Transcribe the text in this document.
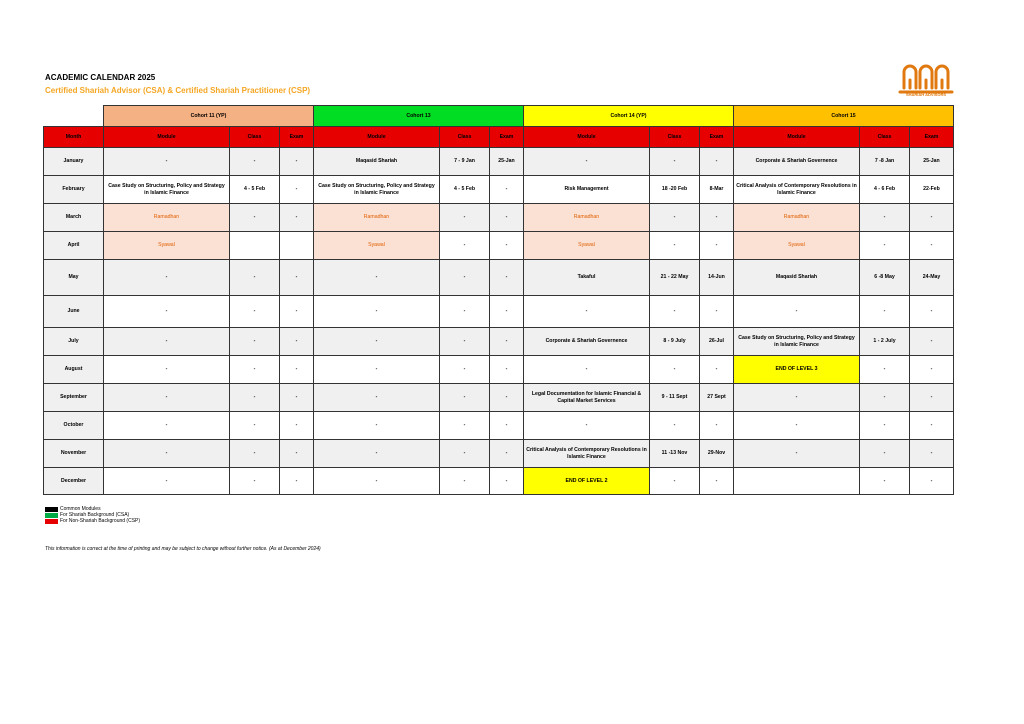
ACADEMIC CALENDAR 2025
Certified Shariah Advisor (CSA) & Certified Shariah Practitioner (CSP)	SHARIAH ADVISORS
	Cohort 11 (YP)			Cohort 13			Cohort 14 (YP)			Cohort 15		
Month	Module	Class	Exam	Module	Class	Exam	Module	Class	Exam	Module	Class	Exam
January	-	-	-	Maqasid Shariah	7 - 9 Jan	25-Jan	-	-	-	Corporate & Shariah Governence	7 -8 Jan	25-Jan
February	Case Study on Structuring, Policy and Strategy in Islamic Finance	4 - 5 Feb	-	Case Study on Structuring, Policy and Strategy in Islamic Finance	4 - 5 Feb	-	Risk Management	18 -20 Feb	8-Mar	Critical Analysis of Contemporary Resolutions in Islamic Finance	4 - 6 Feb	22-Feb
March	Ramadhan	-	-	Ramadhan	-	-	Ramadhan	-	-	Ramadhan	-	-
April	Syawal			Syawal	-	-	Syawal	-	-	Syawal	-	-
May	-	-	-	-	-	-	Takaful	21 - 22 May	14-Jun	Maqasid Shariah	6 -8 May	24-May
June	-	-	-	-	-	-	-	-	-	-	-	-
July	-	-	-	-	-	-	Corporate & Shariah Governence	8 - 9 July	26-Jul	Case Study on Structuring, Policy and Strategy in Islamic Finance	1 - 2 July	-
August	-	-	-	-	-	-	-	-	-	END OF LEVEL 3	-	-
September	-	-	-	-	-	-	Legal Documentation for Islamic Financial & Capital Market Services	9 - 11 Sept	27 Sept	-	-	-
October	-	-	-	-	-	-	-	-	-	-	-	-
November	-	-	-	-	-	-	Critical Analysis of Contemporary Resolutions in Islamic Finance	11 -13 Nov	29-Nov	-	-	-
December	-	-	-	-	-	-	END OF LEVEL 2	-	-		-	-
Common Modules
For Shariah Background (CSA)
For Non-Shariah Background (CSP)
This information is correct at the time of printing and may be subject to change without further notice. (As at December 2024)
